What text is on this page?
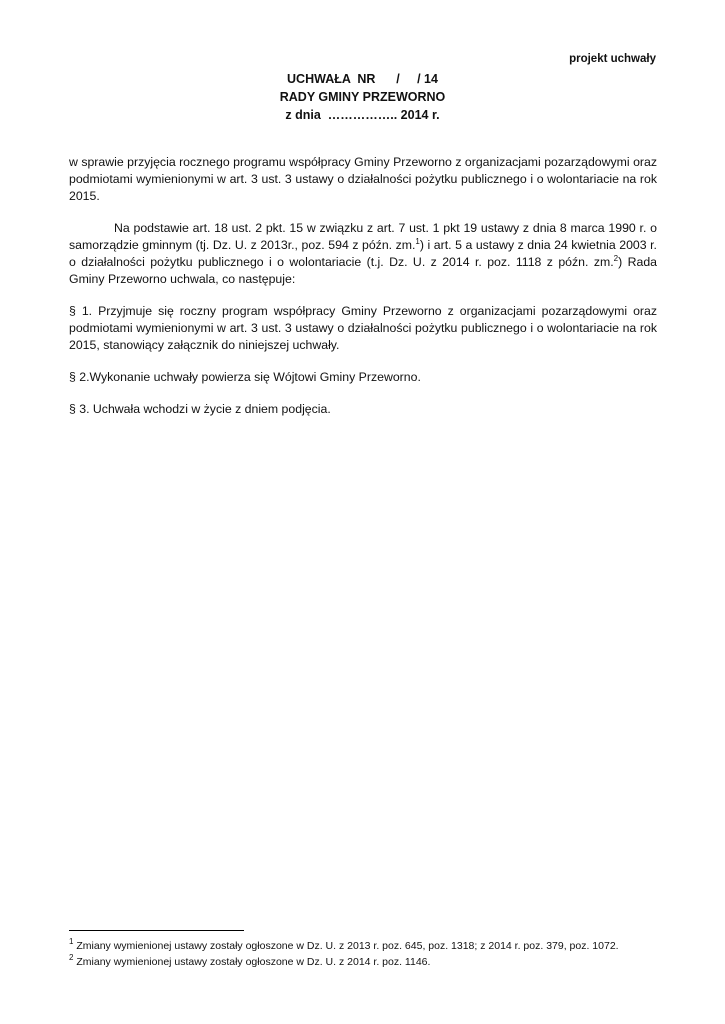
projekt uchwały
UCHWAŁA  NR      /     / 14
RADY GMINY PRZEWORNO
z dnia  …………….. 2014 r.

w sprawie przyjęcia rocznego programu współpracy Gminy Przeworno z organizacjami pozarządowymi oraz podmiotami wymienionymi w art. 3 ust. 3 ustawy o działalności pożytku publicznego i o wolontariacie na rok 2015.

Na podstawie art. 18 ust. 2 pkt. 15 w związku z art. 7 ust. 1 pkt 19 ustawy z dnia 8 marca 1990 r. o samorządzie gminnym (tj. Dz. U. z 2013r., poz. 594 z późn. zm.$^1$) i art. 5 a ustawy z dnia 24 kwietnia 2003 r. o działalności pożytku publicznego i o wolontariacie (t.j. Dz. U. z 2014 r. poz. 1118 z późn. zm.$^2$) Rada Gminy Przeworno uchwala, co następuje:

§ 1. Przyjmuje się roczny program współpracy Gminy Przeworno z organizacjami pozarządowymi oraz podmiotami wymienionymi w art. 3 ust. 3 ustawy o działalności pożytku publicznego i o wolontariacie na rok 2015, stanowiący załącznik do niniejszej uchwały.

§ 2.Wykonanie uchwały powierza się Wójtowi Gminy Przeworno.

§ 3. Uchwała wchodzi w życie z dniem podjęcia.

$^1$ Zmiany wymienionej ustawy zostały ogłoszone w Dz. U. z 2013 r. poz. 645, poz. 1318; z 2014 r. poz. 379, poz. 1072.
$^2$ Zmiany wymienionej ustawy zostały ogłoszone w Dz. U. z 2014 r. poz. 1146.
